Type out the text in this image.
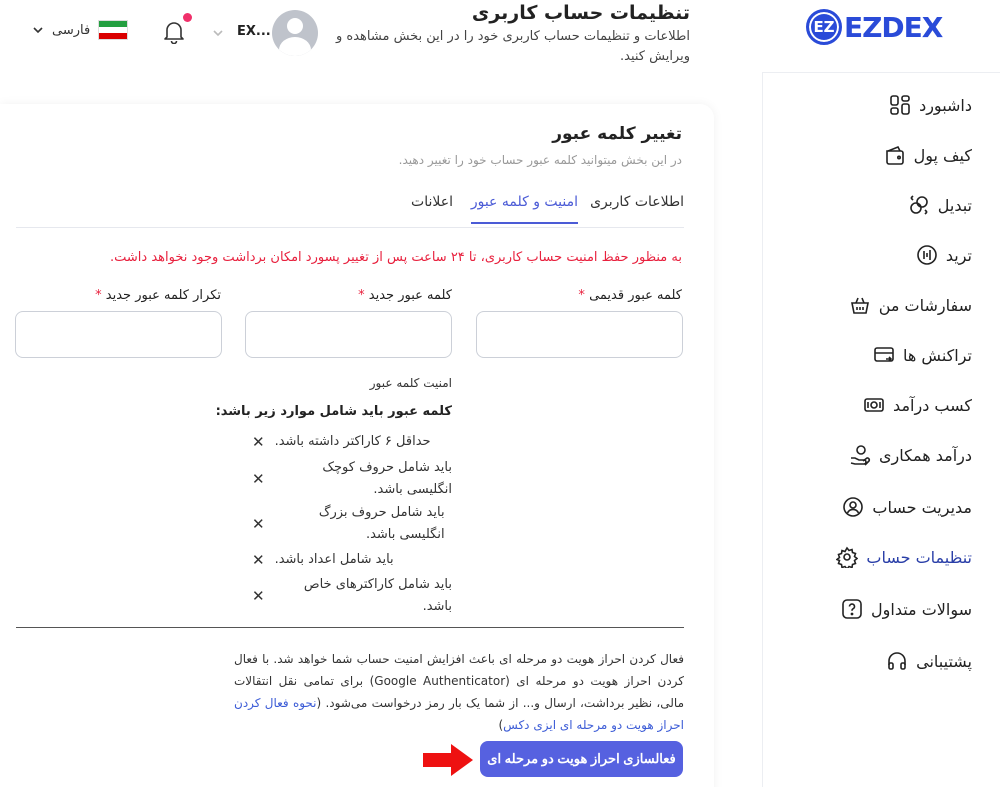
EZ EZDEX
تنظیمات حساب کاربری
اطلاعات و تنظیمات حساب کاربری خود را در این بخش مشاهده و ویرایش کنید.
EX...
فارسی
داشبورد
کیف پول
تبدیل
ترید
سفارشات من
تراکنش ها
کسب درآمد
درآمد همکاری
مدیریت حساب
تنظیمات حساب
سوالات متداول
پشتیبانی
تغییر کلمه عبور
در این بخش میتوانید کلمه عبور حساب خود را تغییر دهید.
اطلاعات کاربری
امنیت و کلمه عبور
اعلانات
به منظور حفظ امنیت حساب کاربری، تا ۲۴ ساعت پس از تغییر پسورد امکان برداشت وجود نخواهد داشت.
کلمه عبور قدیمی *
کلمه عبور جدید *
تکرار کلمه عبور جدید *
امنیت کلمه عبور
کلمه عبور باید شامل موارد زیر باشد:
✕ حداقل ۶ کاراکتر داشته باشد.
✕
باید شامل حروف کوچک انگلیسی باشد.
✕
باید شامل حروف بزرگ انگلیسی باشد.
✕ باید شامل اعداد باشد.
✕
باید شامل کاراکترهای خاص باشد.
فعال کردن احراز هویت دو مرحله ای باعث افزایش امنیت حساب شما خواهد شد. با فعال کردن احراز هویت دو مرحله ای (Google Authenticator) برای تمامی نقل انتقالات مالی، نظیر برداشت، ارسال و... از شما یک بار رمز درخواست می‌شود. (نحوه فعال کردن احراز هویت دو مرحله ای ایزی دکس)
فعالسازی احراز هویت دو مرحله ای
